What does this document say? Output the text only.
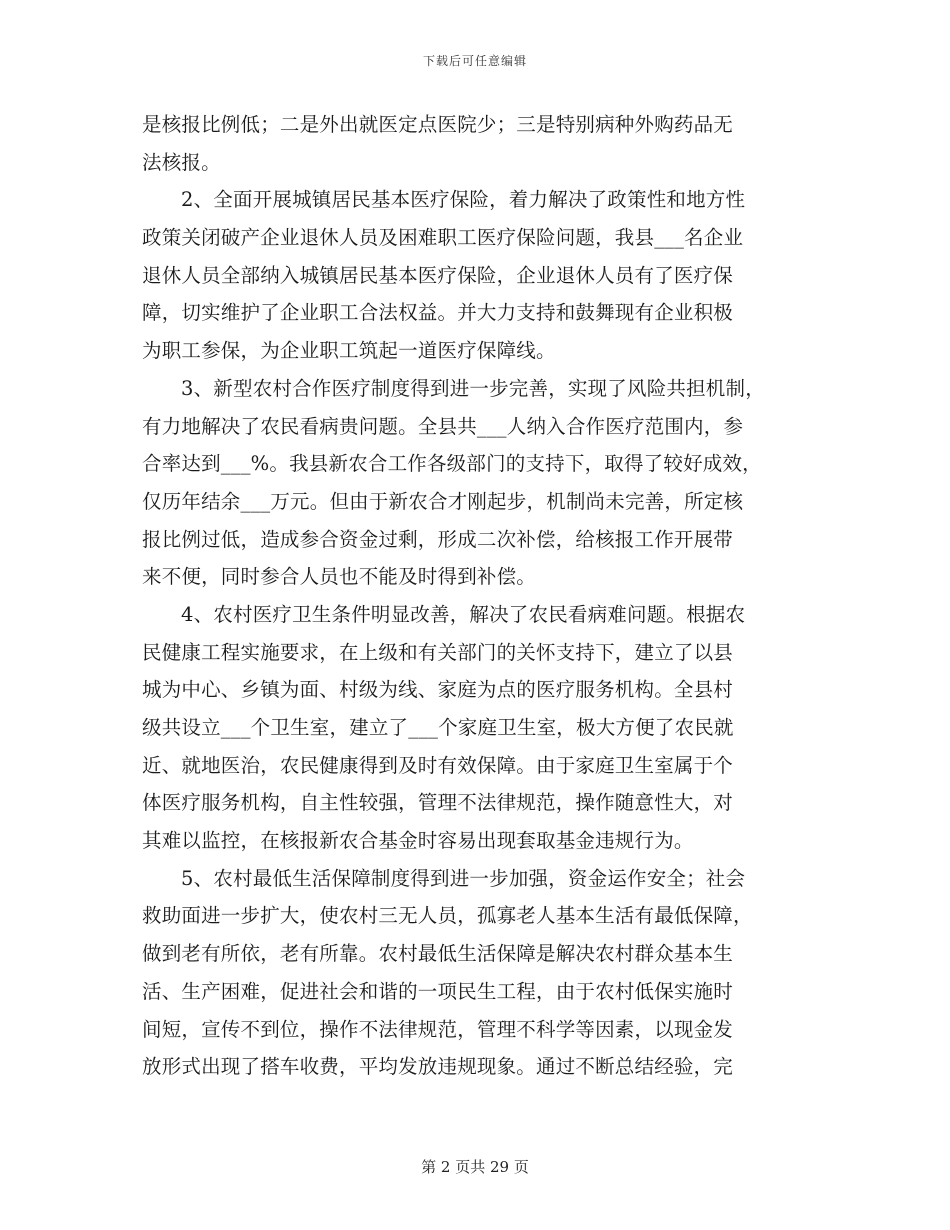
下载后可任意编辑
是核报比例低；二是外出就医定点医院少；三是特别病种外购药品无
法核报。
2、全面开展城镇居民基本医疗保险，着力解决了政策性和地方性
政策关闭破产企业退休人员及困难职工医疗保险问题，我县___名企业
退休人员全部纳入城镇居民基本医疗保险，企业退休人员有了医疗保
障，切实维护了企业职工合法权益。并大力支持和鼓舞现有企业积极
为职工参保，为企业职工筑起一道医疗保障线。
3、新型农村合作医疗制度得到进一步完善，实现了风险共担机制，
有力地解决了农民看病贵问题。全县共___人纳入合作医疗范围内，参
合率达到___%。我县新农合工作各级部门的支持下，取得了较好成效，
仅历年结余___万元。但由于新农合才刚起步，机制尚未完善，所定核
报比例过低，造成参合资金过剩，形成二次补偿，给核报工作开展带
来不便，同时参合人员也不能及时得到补偿。
4、农村医疗卫生条件明显改善，解决了农民看病难问题。根据农
民健康工程实施要求，在上级和有关部门的关怀支持下，建立了以县
城为中心、乡镇为面、村级为线、家庭为点的医疗服务机构。全县村
级共设立___个卫生室，建立了___个家庭卫生室，极大方便了农民就
近、就地医治，农民健康得到及时有效保障。由于家庭卫生室属于个
体医疗服务机构，自主性较强，管理不法律规范，操作随意性大，对
其难以监控，在核报新农合基金时容易出现套取基金违规行为。
5、农村最低生活保障制度得到进一步加强，资金运作安全；社会
救助面进一步扩大，使农村三无人员，孤寡老人基本生活有最低保障，
做到老有所依，老有所靠。农村最低生活保障是解决农村群众基本生
活、生产困难，促进社会和谐的一项民生工程，由于农村低保实施时
间短，宣传不到位，操作不法律规范，管理不科学等因素，以现金发
放形式出现了搭车收费，平均发放违规现象。通过不断总结经验，完
第 2 页共 29 页
